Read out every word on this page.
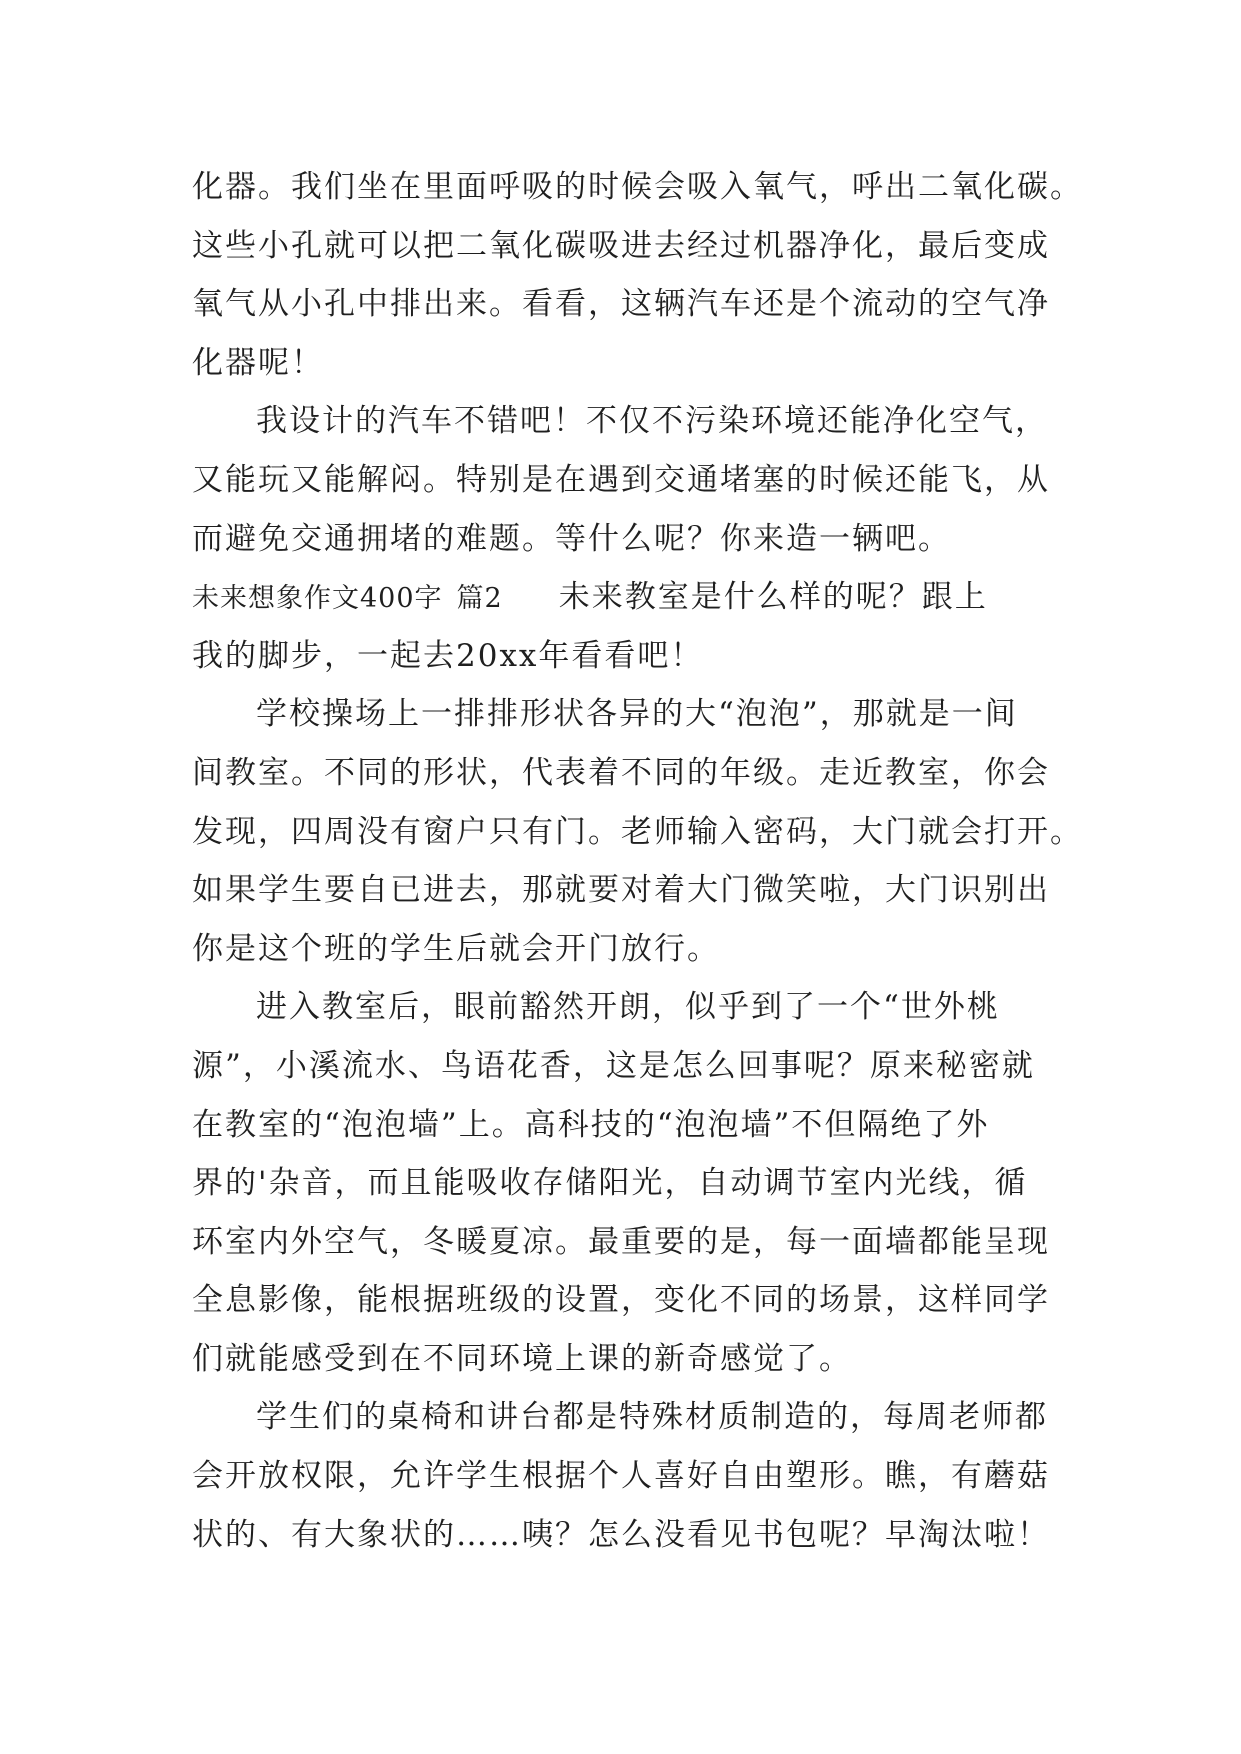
化器。我们坐在里面呼吸的时候会吸入氧气，呼出二氧化碳。
这些小孔就可以把二氧化碳吸进去经过机器净化，最后变成
氧气从小孔中排出来。看看，这辆汽车还是个流动的空气净
化器呢！
我设计的汽车不错吧！不仅不污染环境还能净化空气，
又能玩又能解闷。特别是在遇到交通堵塞的时候还能飞，从
而避免交通拥堵的难题。等什么呢？你来造一辆吧。
未来想象作文400字 篇2 未来教室是什么样的呢？跟上
我的脚步，一起去20xx年看看吧！
学校操场上一排排形状各异的大“泡泡”，那就是一间
间教室。不同的形状，代表着不同的年级。走近教室，你会
发现，四周没有窗户只有门。老师输入密码，大门就会打开。
如果学生要自已进去，那就要对着大门微笑啦，大门识别出
你是这个班的学生后就会开门放行。
进入教室后，眼前豁然开朗，似乎到了一个“世外桃
源”，小溪流水、鸟语花香，这是怎么回事呢？原来秘密就
在教室的“泡泡墙”上。高科技的“泡泡墙”不但隔绝了外
界的'杂音，而且能吸收存储阳光，自动调节室内光线，循
环室内外空气，冬暖夏凉。最重要的是，每一面墙都能呈现
全息影像，能根据班级的设置，变化不同的场景，这样同学
们就能感受到在不同环境上课的新奇感觉了。
学生们的桌椅和讲台都是特殊材质制造的，每周老师都
会开放权限，允许学生根据个人喜好自由塑形。瞧，有蘑菇
状的、有大象状的……咦？怎么没看见书包呢？早淘汰啦！
